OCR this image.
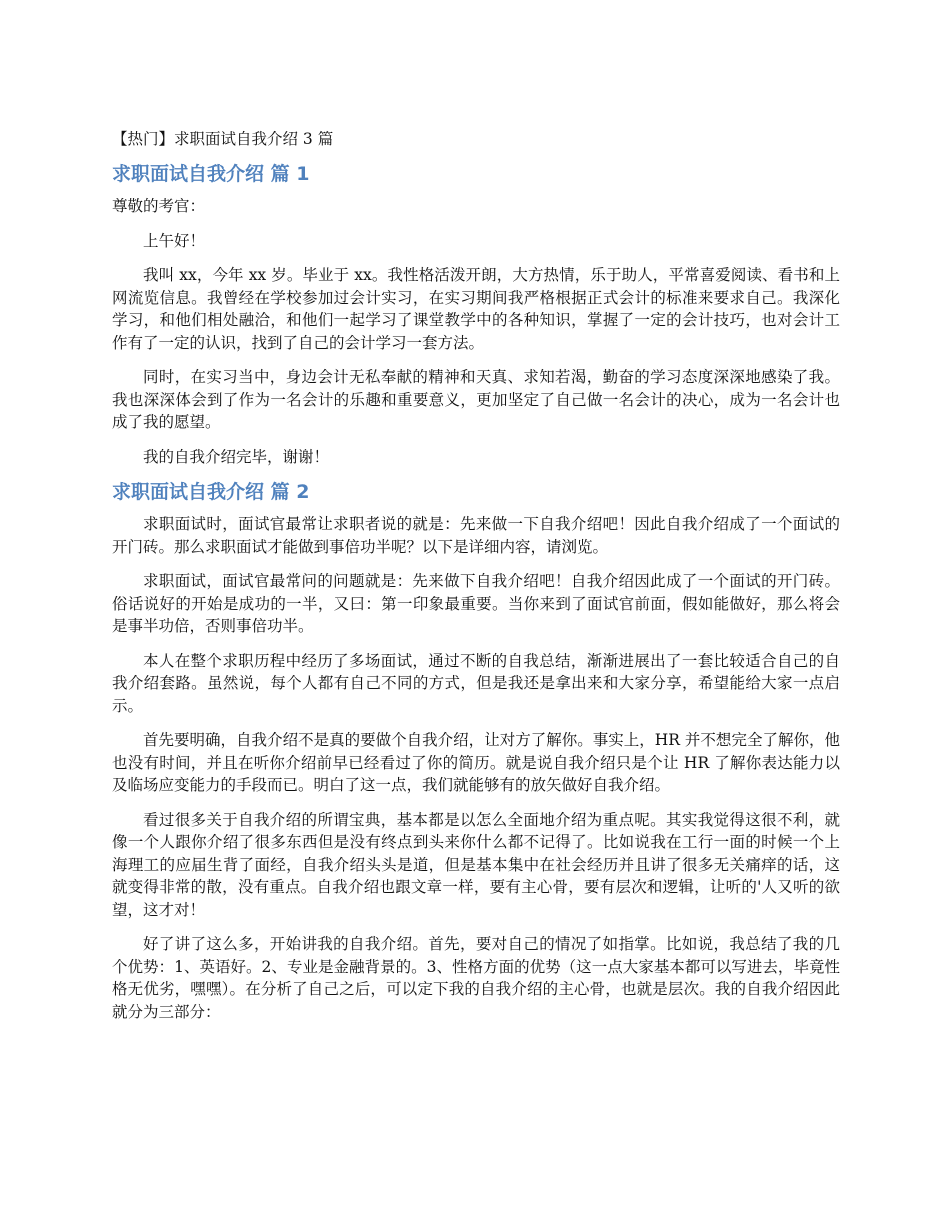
【热门】求职面试自我介绍 3 篇
求职面试自我介绍 篇 1

尊敬的考官：

上午好！

我叫 xx，今年 xx 岁。毕业于 xx。我性格活泼开朗，大方热情，乐于助人，平常喜爱阅读、看书和上网流览信息。我曾经在学校参加过会计实习，在实习期间我严格根据正式会计的标准来要求自己。我深化学习，和他们相处融洽，和他们一起学习了课堂教学中的各种知识，掌握了一定的会计技巧，也对会计工作有了一定的认识，找到了自己的会计学习一套方法。

同时，在实习当中，身边会计无私奉献的精神和天真、求知若渴，勤奋的学习态度深深地感染了我。我也深深体会到了作为一名会计的乐趣和重要意义，更加坚定了自己做一名会计的决心，成为一名会计也成了我的愿望。

我的自我介绍完毕，谢谢！

求职面试自我介绍 篇 2

求职面试时，面试官最常让求职者说的就是：先来做一下自我介绍吧！因此自我介绍成了一个面试的开门砖。那么求职面试才能做到事倍功半呢？以下是详细内容，请浏览。

求职面试，面试官最常问的问题就是：先来做下自我介绍吧！自我介绍因此成了一个面试的开门砖。俗话说好的开始是成功的一半，又曰：第一印象最重要。当你来到了面试官前面，假如能做好，那么将会是事半功倍，否则事倍功半。

本人在整个求职历程中经历了多场面试，通过不断的自我总结，渐渐进展出了一套比较适合自己的自我介绍套路。虽然说，每个人都有自己不同的方式，但是我还是拿出来和大家分享，希望能给大家一点启示。

首先要明确，自我介绍不是真的要做个自我介绍，让对方了解你。事实上，HR 并不想完全了解你，他也没有时间，并且在听你介绍前早已经看过了你的简历。就是说自我介绍只是个让 HR 了解你表达能力以及临场应变能力的手段而已。明白了这一点，我们就能够有的放矢做好自我介绍。

看过很多关于自我介绍的所谓宝典，基本都是以怎么全面地介绍为重点呢。其实我觉得这很不利，就像一个人跟你介绍了很多东西但是没有终点到头来你什么都不记得了。比如说我在工行一面的时候一个上海理工的应届生背了面经，自我介绍头头是道，但是基本集中在社会经历并且讲了很多无关痛痒的话，这就变得非常的散，没有重点。自我介绍也跟文章一样，要有主心骨，要有层次和逻辑，让听的'人又听的欲望，这才对！

好了讲了这么多，开始讲我的自我介绍。首先，要对自己的情况了如指掌。比如说，我总结了我的几个优势：1、英语好。2、专业是金融背景的。3、性格方面的优势（这一点大家基本都可以写进去，毕竟性格无优劣，嘿嘿）。在分析了自己之后，可以定下我的自我介绍的主心骨，也就是层次。我的自我介绍因此就分为三部分：
